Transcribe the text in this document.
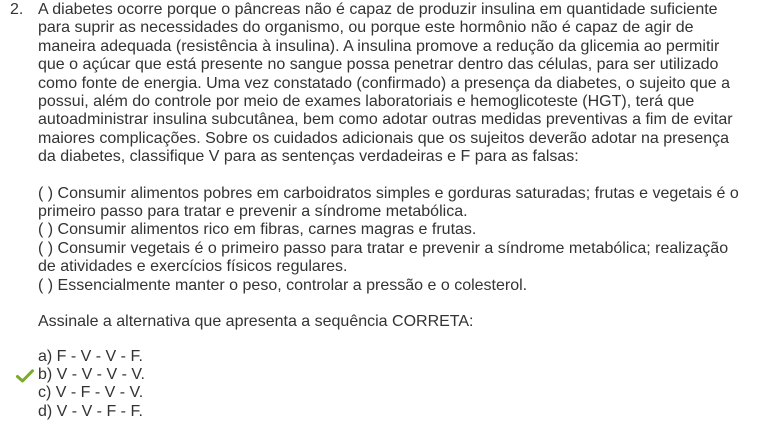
2. A diabetes ocorre porque o pâncreas não é capaz de produzir insulina em quantidade suficiente para suprir as necessidades do organismo, ou porque este hormônio não é capaz de agir de maneira adequada (resistência à insulina). A insulina promove a redução da glicemia ao permitir que o açúcar que está presente no sangue possa penetrar dentro das células, para ser utilizado como fonte de energia. Uma vez constatado (confirmado) a presença da diabetes, o sujeito que a possui, além do controle por meio de exames laboratoriais e hemoglicoteste (HGT), terá que autoadministrar insulina subcutânea, bem como adotar outras medidas preventivas a fim de evitar maiores complicações. Sobre os cuidados adicionais que os sujeitos deverão adotar na presença da diabetes, classifique V para as sentenças verdadeiras e F para as falsas:

( ) Consumir alimentos pobres em carboidratos simples e gorduras saturadas; frutas e vegetais é o primeiro passo para tratar e prevenir a síndrome metabólica.

( ) Consumir alimentos rico em fibras, carnes magras e frutas.

( ) Consumir vegetais é o primeiro passo para tratar e prevenir a síndrome metabólica; realização de atividades e exercícios físicos regulares.

( ) Essencialmente manter o peso, controlar a pressão e o colesterol.

Assinale a alternativa que apresenta a sequência CORRETA:

a) F - V - V - F.
b) V - V - V - V.
c) V - F - V - V.
d) V - V - F - F.
